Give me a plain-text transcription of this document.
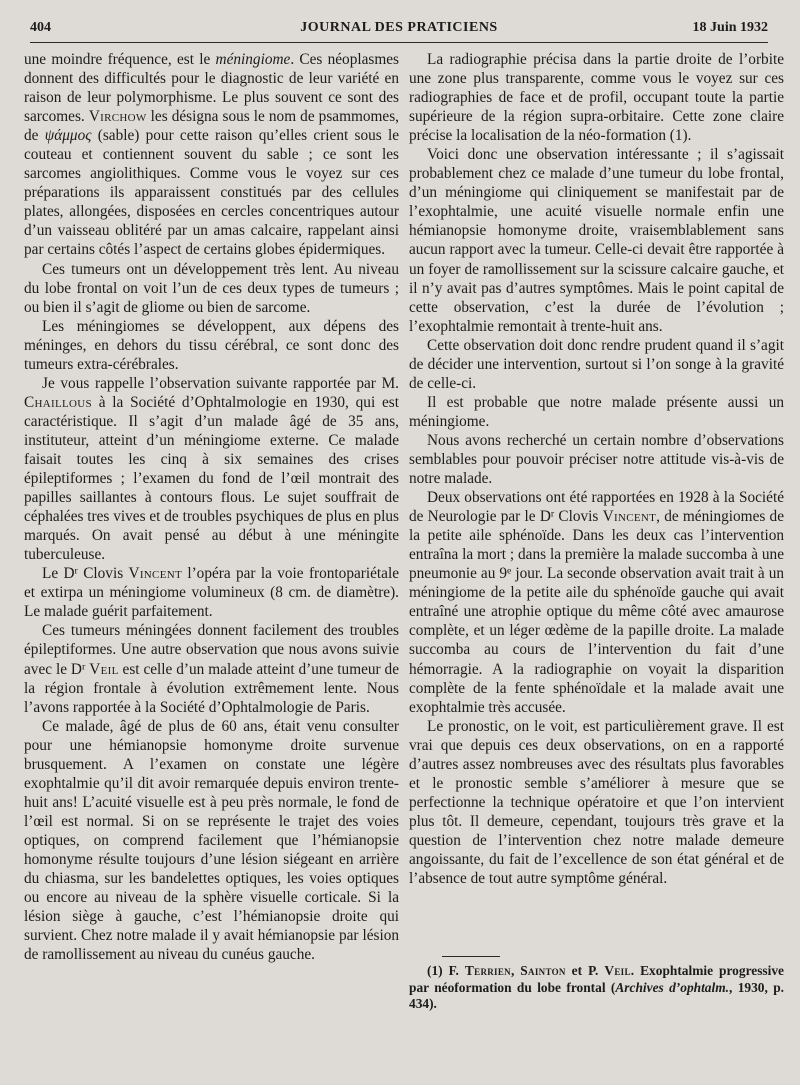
404	JOURNAL DES PRATICIENS	18 Juin 1932

une moindre fréquence, est le méningiome. Ces néoplasmes donnent des difficultés pour le diagnostic de leur variété en raison de leur polymorphisme. Le plus souvent ce sont des sarcomes. Virchow les désigna sous le nom de psammomes, de ψάμμος (sable) pour cette raison qu’elles crient sous le couteau et contiennent souvent du sable ; ce sont les sarcomes angiolithiques. Comme vous le voyez sur ces préparations ils apparaissent constitués par des cellules plates, allongées, disposées en cercles concentriques autour d’un vaisseau oblitéré par un amas calcaire, rappelant ainsi par certains côtés l’aspect de certains globes épidermiques.

Ces tumeurs ont un développement très lent. Au niveau du lobe frontal on voit l’un de ces deux types de tumeurs ; ou bien il s’agit de gliome ou bien de sarcome.

Les méningiomes se développent, aux dépens des méninges, en dehors du tissu cérébral, ce sont donc des tumeurs extra-cérébrales.

Je vous rappelle l’observation suivante rapportée par M. Chaillous à la Société d’Ophtalmologie en 1930, qui est caractéristique. Il s’agit d’un malade âgé de 35 ans, instituteur, atteint d’un méningiome externe. Ce malade faisait toutes les cinq à six semaines des crises épileptiformes ; l’examen du fond de l’œil montrait des papilles saillantes à contours flous. Le sujet souffrait de céphalées tres vives et de troubles psychiques de plus en plus marqués. On avait pensé au début à une méningite tuberculeuse.

Le $D^r$ Clovis Vincent l’opéra par la voie frontopariétale et extirpa un méningiome volumineux (8 cm. de diamètre). Le malade guérit parfaitement.

Ces tumeurs méningées donnent facilement des troubles épileptiformes. Une autre observation que nous avons suivie avec le $D^r$ Veil est celle d’un malade atteint d’une tumeur de la région frontale à évolution extrêmement lente. Nous l’avons rapportée à la Société d’Ophtalmologie de Paris.

Ce malade, âgé de plus de 60 ans, était venu consulter pour une hémianopsie homonyme droite survenue brusquement. A l’examen on constate une légère exophtalmie qu’il dit avoir remarquée depuis environ trente-huit ans! L’acuité visuelle est à peu près normale, le fond de l’œil est normal. Si on se représente le trajet des voies optiques, on comprend facilement que l’hémianopsie homonyme résulte toujours d’une lésion siégeant en arrière du chiasma, sur les bandelettes optiques, les voies optiques ou encore au niveau de la sphère visuelle corticale. Si la lésion siège à gauche, c’est l’hémianopsie droite qui survient. Chez notre malade il y avait hémianopsie par lésion de ramollissement au niveau du cunéus gauche.

La radiographie précisa dans la partie droite de l’orbite une zone plus transparente, comme vous le voyez sur ces radiographies de face et de profil, occupant toute la partie supérieure de la région supra-orbitaire. Cette zone claire précise la localisation de la néo-formation (1).

Voici donc une observation intéressante ; il s’agissait probablement chez ce malade d’une tumeur du lobe frontal, d’un méningiome qui cliniquement se manifestait par de l’exophtalmie, une acuité visuelle normale enfin une hémianopsie homonyme droite, vraisemblablement sans aucun rapport avec la tumeur. Celle-ci devait être rapportée à un foyer de ramollissement sur la scissure calcaire gauche, et il n’y avait pas d’autres symptômes. Mais le point capital de cette observation, c’est la durée de l’évolution ; l’exophtalmie remontait à trente-huit ans.

Cette observation doit donc rendre prudent quand il s’agit de décider une intervention, surtout si l’on songe à la gravité de celle-ci.

Il est probable que notre malade présente aussi un méningiome.

Nous avons recherché un certain nombre d’observations semblables pour pouvoir préciser notre attitude vis-à-vis de notre malade.

Deux observations ont été rapportées en 1928 à la Société de Neurologie par le $D^r$ Clovis Vincent, de méningiomes de la petite aile sphénoïde. Dans les deux cas l’intervention entraîna la mort ; dans la première la malade succomba à une pneumonie au 9e jour. La seconde observation avait trait à un méningiome de la petite aile du sphénoïde gauche qui avait entraîné une atrophie optique du même côté avec amaurose complète, et un léger œdème de la papille droite. La malade succomba au cours de l’intervention du fait d’une hémorragie. A la radiographie on voyait la disparition complète de la fente sphénoïdale et la malade avait une exophtalmie très accusée.

Le pronostic, on le voit, est particulièrement grave. Il est vrai que depuis ces deux observations, on en a rapporté d’autres assez nombreuses avec des résultats plus favorables et le pronostic semble s’améliorer à mesure que se perfectionne la technique opératoire et que l’on intervient plus tôt. Il demeure, cependant, toujours très grave et la question de l’intervention chez notre malade demeure angoissante, du fait de l’excellence de son état général et de l’absence de tout autre symptôme général.

(1) F. Terrien, Sainton et P. Veil. Exophtalmie progressive par néoformation du lobe frontal (Archives d’ophtalm., 1930, p. 434).
